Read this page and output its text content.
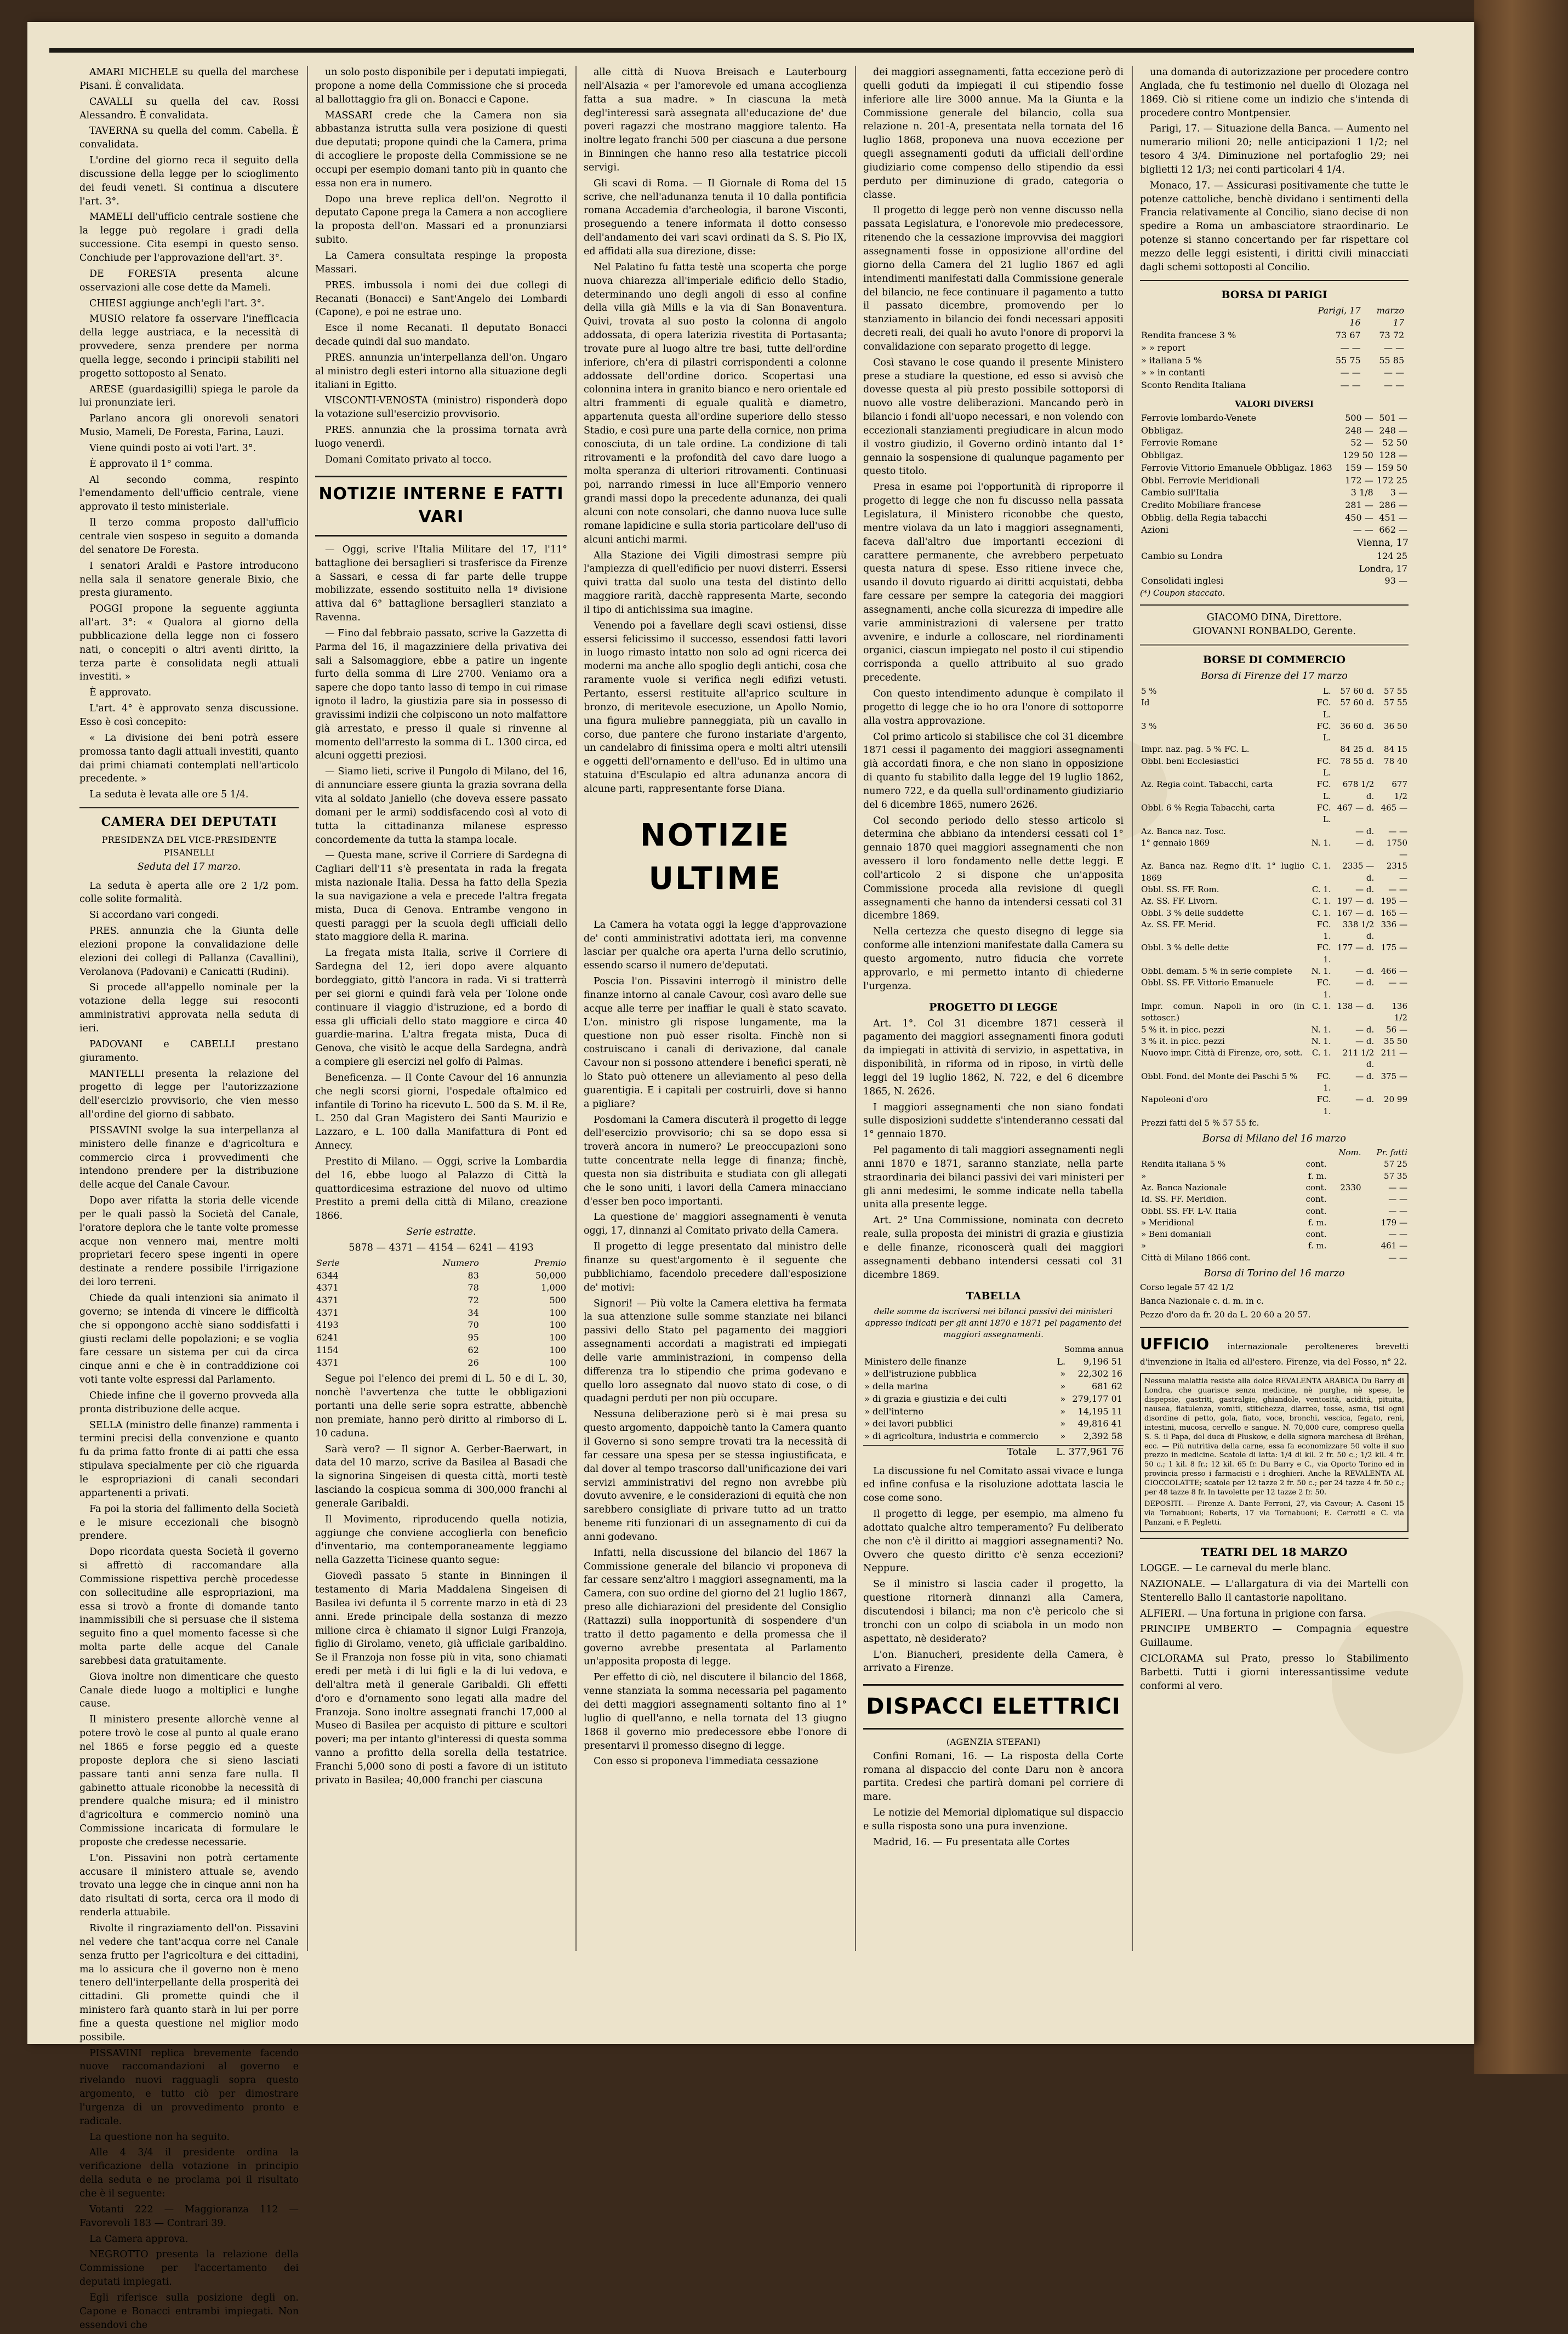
AMARI MICHELE su quella del marchese Pisani. È convalidata.

CAVALLI su quella del cav. Rossi Alessandro. È convalidata.

TAVERNA su quella del comm. Cabella. È convalidata.

L'ordine del giorno reca il seguito della discussione della legge per lo scioglimento dei feudi veneti. Si continua a discutere l'art. 3°.

MAMELI dell'ufficio centrale sostiene che la legge può regolare i gradi della successione. Cita esempi in questo senso. Conchiude per l'approvazione dell'art. 3°.

DE FORESTA presenta alcune osservazioni alle cose dette da Mameli.

CHIESI aggiunge anch'egli l'art. 3°.

MUSIO relatore fa osservare l'inefficacia della legge austriaca, e la necessità di provvedere, senza prendere per norma quella legge, secondo i principii stabiliti nel progetto sottoposto al Senato.

ARESE (guardasigilli) spiega le parole da lui pronunziate ieri.

Parlano ancora gli onorevoli senatori Musio, Mameli, De Foresta, Farina, Lauzi.

Viene quindi posto ai voti l'art. 3°.

È approvato il 1° comma.

Al secondo comma, respinto l'emendamento dell'ufficio centrale, viene approvato il testo ministeriale.

Il terzo comma proposto dall'ufficio centrale vien sospeso in seguito a domanda del senatore De Foresta.

I senatori Araldi e Pastore introducono nella sala il senatore generale Bixio, che presta giuramento.

POGGI propone la seguente aggiunta all'art. 3°: « Qualora al giorno della pubblicazione della legge non ci fossero nati, o concepiti o altri aventi diritto, la terza parte è consolidata negli attuali investiti. »

È approvato.

L'art. 4° è approvato senza discussione. Esso è così concepito:

« La divisione dei beni potrà essere promossa tanto dagli attuali investiti, quanto dai primi chiamati contemplati nell'articolo precedente. »

La seduta è levata alle ore 5 1/4.

CAMERA DEI DEPUTATI
PRESIDENZA DEL VICE-PRESIDENTE PISANELLI
Seduta del 17 marzo.

La seduta è aperta alle ore 2 1/2 pom. colle solite formalità.

Si accordano vari congedi.

PRES. annunzia che la Giunta delle elezioni propone la convalidazione delle elezioni dei collegi di Pallanza (Cavallini), Verolanova (Padovani) e Canicatti (Rudini).

Si procede all'appello nominale per la votazione della legge sui resoconti amministrativi approvata nella seduta di ieri.

PADOVANI e CABELLI prestano giuramento.

MANTELLI presenta la relazione del progetto di legge per l'autorizzazione dell'esercizio provvisorio, che vien messo all'ordine del giorno di sabbato.

PISSAVINI svolge la sua interpellanza al ministero delle finanze e d'agricoltura e commercio circa i provvedimenti che intendono prendere per la distribuzione delle acque del Canale Cavour.

Dopo aver rifatta la storia delle vicende per le quali passò la Società del Canale, l'oratore deplora che le tante volte promesse acque non vennero mai, mentre molti proprietari fecero spese ingenti in opere destinate a rendere possibile l'irrigazione dei loro terreni.

Chiede da quali intenzioni sia animato il governo; se intenda di vincere le difficoltà che si oppongono acchè siano soddisfatti i giusti reclami delle popolazioni; e se voglia fare cessare un sistema per cui da circa cinque anni e che è in contraddizione coi voti tante volte espressi dal Parlamento.

Chiede infine che il governo provveda alla pronta distribuzione delle acque.

SELLA (ministro delle finanze) rammenta i termini precisi della convenzione e quanto fu da prima fatto fronte di ai patti che essa stipulava specialmente per ciò che riguarda le espropriazioni di canali secondari appartenenti a privati.

Fa poi la storia del fallimento della Società e le misure eccezionali che bisognò prendere.

Dopo ricordata questa Società il governo si affrettò di raccomandare alla Commissione rispettiva perchè procedesse con sollecitudine alle espropriazioni, ma essa si trovò a fronte di domande tanto inammissibili che si persuase che il sistema seguito fino a quel momento facesse sì che molta parte delle acque del Canale sarebbesi data gratuitamente.

Giova inoltre non dimenticare che questo Canale diede luogo a moltiplici e lunghe cause.

Il ministero presente allorchè venne al potere trovò le cose al punto al quale erano nel 1865 e forse peggio ed a queste proposte deplora che si sieno lasciati passare tanti anni senza fare nulla. Il gabinetto attuale riconobbe la necessità di prendere qualche misura; ed il ministro d'agricoltura e commercio nominò una Commissione incaricata di formulare le proposte che credesse necessarie.

L'on. Pissavini non potrà certamente accusare il ministero attuale se, avendo trovato una legge che in cinque anni non ha dato risultati di sorta, cerca ora il modo di renderla attuabile.

Rivolte il ringraziamento dell'on. Pissavini nel vedere che tant'acqua corre nel Canale senza frutto per l'agricoltura e dei cittadini, ma lo assicura che il governo non è meno tenero dell'interpellante della prosperità dei cittadini. Gli promette quindi che il ministero farà quanto starà in lui per porre fine a questa questione nel miglior modo possibile.

PISSAVINI replica brevemente facendo nuove raccomandazioni al governo e rivelando nuovi ragguagli sopra questo argomento, e tutto ciò per dimostrare l'urgenza di un provvedimento pronto e radicale.

La questione non ha seguito.

Alle 4 3/4 il presidente ordina la verificazione della votazione in principio della seduta e ne proclama poi il risultato che è il seguente:

Votanti 222 — Maggioranza 112 — Favorevoli 183 — Contrari 39.

La Camera approva.

NEGROTTO presenta la relazione della Commissione per l'accertamento dei deputati impiegati.

Egli riferisce sulla posizione degli on. Capone e Bonacci entrambi impiegati. Non essendovi che

un solo posto disponibile per i deputati impiegati, propone a nome della Commissione che si proceda al ballottaggio fra gli on. Bonacci e Capone.

MASSARI crede che la Camera non sia abbastanza istrutta sulla vera posizione di questi due deputati; propone quindi che la Camera, prima di accogliere le proposte della Commissione se ne occupi per esempio domani tanto più in quanto che essa non era in numero.

Dopo una breve replica dell'on. Negrotto il deputato Capone prega la Camera a non accogliere la proposta dell'on. Massari ed a pronunziarsi subito.

La Camera consultata respinge la proposta Massari.

PRES. imbussola i nomi dei due collegi di Recanati (Bonacci) e Sant'Angelo dei Lombardi (Capone), e poi ne estrae uno.

Esce il nome Recanati. Il deputato Bonacci decade quindi dal suo mandato.

PRES. annunzia un'interpellanza dell'on. Ungaro al ministro degli esteri intorno alla situazione degli italiani in Egitto.

VISCONTI-VENOSTA (ministro) risponderà dopo la votazione sull'esercizio provvisorio.

PRES. annunzia che la prossima tornata avrà luogo venerdì.

Domani Comitato privato al tocco.

NOTIZIE INTERNE E FATTI VARI

— Oggi, scrive l'Italia Militare del 17, l'11° battaglione dei bersaglieri si trasferisce da Firenze a Sassari, e cessa di far parte delle truppe mobilizzate, essendo sostituito nella 1ª divisione attiva dal 6° battaglione bersaglieri stanziato a Ravenna.

— Fino dal febbraio passato, scrive la Gazzetta di Parma del 16, il magazziniere della privativa dei sali a Salsomaggiore, ebbe a patire un ingente furto della somma di Lire 2700. Veniamo ora a sapere che dopo tanto lasso di tempo in cui rimase ignoto il ladro, la giustizia pare sia in possesso di gravissimi indizii che colpiscono un noto malfattore già arrestato, e presso il quale si rinvenne al momento dell'arresto la somma di L. 1300 circa, ed alcuni oggetti preziosi.

— Siamo lieti, scrive il Pungolo di Milano, del 16, di annunciare essere giunta la grazia sovrana della vita al soldato Janiello (che doveva essere passato domani per le armi) soddisfacendo così al voto di tutta la cittadinanza milanese espresso concordemente da tutta la stampa locale.

— Questa mane, scrive il Corriere di Sardegna di Cagliari dell'11 s'è presentata in rada la fregata mista nazionale Italia. Dessa ha fatto della Spezia la sua navigazione a vela e precede l'altra fregata mista, Duca di Genova. Entrambe vengono in questi paraggi per la scuola degli ufficiali dello stato maggiore della R. marina.

La fregata mista Italia, scrive il Corriere di Sardegna del 12, ieri dopo avere alquanto bordeggiato, gittò l'ancora in rada. Vi si tratterrà per sei giorni e quindi farà vela per Tolone onde continuare il viaggio d'istruzione, ed a bordo di essa gli ufficiali dello stato maggiore e circa 40 guardie-marina. L'altra fregata mista, Duca di Genova, che visitò le acque della Sardegna, andrà a compiere gli esercizi nel golfo di Palmas.

Beneficenza. — Il Conte Cavour del 16 annunzia che negli scorsi giorni, l'ospedale oftalmico ed infantile di Torino ha ricevuto L. 500 da S. M. il Re, L. 250 dal Gran Magistero dei Santi Maurizio e Lazzaro, e L. 100 dalla Manifattura di Pont ed Annecy.

Prestito di Milano. — Oggi, scrive la Lombardia del 16, ebbe luogo al Palazzo di Città la quattordicesima estrazione del nuovo od ultimo Prestito a premi della città di Milano, creazione 1866.

Serie estratte.
5878 — 4371 — 4154 — 6241 — 4193
Serie	Numero	Premio
6344	83	50,000
4371	78	1,000
4371	72	500
4371	34	100
4193	70	100
6241	95	100
1154	62	100
4371	26	100

Segue poi l'elenco dei premi di L. 50 e di L. 30, nonchè l'avvertenza che tutte le obbligazioni portanti una delle serie sopra estratte, abbenchè non premiate, hanno però diritto al rimborso di L. 10 caduna.

Sarà vero? — Il signor A. Gerber-Baerwart, in data del 10 marzo, scrive da Basilea al Basadi che la signorina Singeisen di questa città, morti testè lasciando la cospicua somma di 300,000 franchi al generale Garibaldi.

Il Movimento, riproducendo quella notizia, aggiunge che conviene accoglierla con beneficio d'inventario, ma contemporaneamente leggiamo nella Gazzetta Ticinese quanto segue:

Giovedì passato 5 stante in Binningen il testamento di Maria Maddalena Singeisen di Basilea ivi defunta il 5 corrente marzo in età di 23 anni. Erede principale della sostanza di mezzo milione circa è chiamato il signor Luigi Franzoja, figlio di Girolamo, veneto, già ufficiale garibaldino. Se il Franzoja non fosse più in vita, sono chiamati eredi per metà i di lui figli e la di lui vedova, e dell'altra metà il generale Garibaldi. Gli effetti d'oro e d'ornamento sono legati alla madre del Franzoja. Sono inoltre assegnati franchi 17,000 al Museo di Basilea per acquisto di pitture e scultori poveri; ma per intanto gl'interessi di questa somma vanno a profitto della sorella della testatrice. Franchi 5,000 sono di posti a favore di un istituto privato in Basilea; 40,000 franchi per ciascuna

alle città di Nuova Breisach e Lauterbourg nell'Alsazia « per l'amorevole ed umana accoglienza fatta a sua madre. » In ciascuna la metà degl'interessi sarà assegnata all'educazione de' due poveri ragazzi che mostrano maggiore talento. Ha inoltre legato franchi 500 per ciascuna a due persone in Binningen che hanno reso alla testatrice piccoli servigi.

Gli scavi di Roma. — Il Giornale di Roma del 15 scrive, che nell'adunanza tenuta il 10 dalla pontificia romana Accademia d'archeologia, il barone Visconti, proseguendo a tenere informata il dotto consesso dell'andamento dei vari scavi ordinati da S. S. Pio IX, ed affidati alla sua direzione, disse:

Nel Palatino fu fatta testè una scoperta che porge nuova chiarezza all'imperiale edificio dello Stadio, determinando uno degli angoli di esso al confine della villa già Mills e la via di San Bonaventura. Quivi, trovata al suo posto la colonna di angolo addossata, di opera laterizia rivestita di Portasanta; trovate pure al luogo altre tre basi, tutte dell'ordine inferiore, ch'era di pilastri corrispondenti a colonne addossate dell'ordine dorico. Scopertasi una colonnina intera in granito bianco e nero orientale ed altri frammenti di eguale qualità e diametro, appartenuta questa all'ordine superiore dello stesso Stadio, e così pure una parte della cornice, non prima conosciuta, di un tale ordine. La condizione di tali ritrovamenti e la profondità del cavo dare luogo a molta speranza di ulteriori ritrovamenti. Continuasi poi, narrando rimessi in luce all'Emporio vennero grandi massi dopo la precedente adunanza, dei quali alcuni con note consolari, che danno nuova luce sulle romane lapidicine e sulla storia particolare dell'uso di alcuni antichi marmi.

Alla Stazione dei Vigili dimostrasi sempre più l'ampiezza di quell'edificio per nuovi disterri. Essersi quivi tratta dal suolo una testa del distinto dello maggiore rarità, dacchè rappresenta Marte, secondo il tipo di antichissima sua imagine.

Venendo poi a favellare degli scavi ostiensi, disse essersi felicissimo il successo, essendosi fatti lavori in luogo rimasto intatto non solo ad ogni ricerca dei moderni ma anche allo spoglio degli antichi, cosa che raramente vuole si verifica negli edifizi vetusti. Pertanto, essersi restituite all'aprico sculture in bronzo, di meritevole esecuzione, un Apollo Nomio, una figura muliebre panneggiata, più un cavallo in corso, due pantere che furono instariate d'argento, un candelabro di finissima opera e molti altri utensili e oggetti dell'ornamento e dell'uso. Ed in ultimo una statuina d'Esculapio ed altra adunanza ancora di alcune parti, rappresentante forse Diana.

NOTIZIE ULTIME

La Camera ha votata oggi la legge d'approvazione de' conti amministrativi adottata ieri, ma convenne lasciar per qualche ora aperta l'urna dello scrutinio, essendo scarso il numero de'deputati.

Poscia l'on. Pissavini interrogò il ministro delle finanze intorno al canale Cavour, così avaro delle sue acque alle terre per inaffiar le quali è stato scavato. L'on. ministro gli rispose lungamente, ma la questione non può esser risolta. Finchè non si costruiscano i canali di derivazione, dal canale Cavour non si possono attendere i benefici sperati, nè lo Stato può ottenere un alleviamento al peso della guarentigia. E i capitali per costruirli, dove si hanno a pigliare?

Posdomani la Camera discuterà il progetto di legge dell'esercizio provvisorio; chi sa se dopo essa si troverà ancora in numero? Le preoccupazioni sono tutte concentrate nella legge di finanza; finchè, questa non sia distribuita e studiata con gli allegati che le sono uniti, i lavori della Camera minacciano d'esser ben poco importanti.

La questione de' maggiori assegnamenti è venuta oggi, 17, dinnanzi al Comitato privato della Camera.

Il progetto di legge presentato dal ministro delle finanze su quest'argomento è il seguente che pubblichiamo, facendolo precedere dall'esposizione de' motivi:

Signori! — Più volte la Camera elettiva ha fermata la sua attenzione sulle somme stanziate nei bilanci passivi dello Stato pel pagamento dei maggiori assegnamenti accordati a magistrati ed impiegati delle varie amministrazioni, in compenso della differenza tra lo stipendio che prima godevano e quello loro assegnato dal nuovo stato di cose, o di quadagni perduti per non più occupare.

Nessuna deliberazione però si è mai presa su questo argomento, dappoichè tanto la Camera quanto il Governo si sono sempre trovati tra la necessità di far cessare una spesa per se stessa ingiustificata, e dal dover al tempo trascorso dall'unificazione dei vari servizi amministrativi del regno non avrebbe più dovuto avvenire, e le considerazioni di equità che non sarebbero consigliate di privare tutto ad un tratto beneme riti funzionari di un assegnamento di cui da anni godevano.

Infatti, nella discussione del bilancio del 1867 la Commissione generale del bilancio vi proponeva di far cessare senz'altro i maggiori assegnamenti, ma la Camera, con suo ordine del giorno del 21 luglio 1867, preso alle dichiarazioni del presidente del Consiglio (Rattazzi) sulla inopportunità di sospendere d'un tratto il detto pagamento e della promessa che il governo avrebbe presentata al Parlamento un'apposita proposta di legge.

Per effetto di ciò, nel discutere il bilancio del 1868, venne stanziata la somma necessaria pel pagamento dei detti maggiori assegnamenti soltanto fino al 1° luglio di quell'anno, e nella tornata del 13 giugno 1868 il governo mio predecessore ebbe l'onore di presentarvi il promesso disegno di legge.

Con esso si proponeva l'immediata cessazione

dei maggiori assegnamenti, fatta eccezione però di quelli goduti da impiegati il cui stipendio fosse inferiore alle lire 3000 annue. Ma la Giunta e la Commissione generale del bilancio, colla sua relazione n. 201-A, presentata nella tornata del 16 luglio 1868, proponeva una nuova eccezione per quegli assegnamenti goduti da ufficiali dell'ordine giudiziario come compenso dello stipendio da essi perduto per diminuzione di grado, categoria o classe.

Il progetto di legge però non venne discusso nella passata Legislatura, e l'onorevole mio predecessore, ritenendo che la cessazione improvvisa dei maggiori assegnamenti fosse in opposizione all'ordine del giorno della Camera del 21 luglio 1867 ed agli intendimenti manifestati dalla Commissione generale del bilancio, ne fece continuare il pagamento a tutto il passato dicembre, promovendo per lo stanziamento in bilancio dei fondi necessari appositi decreti reali, dei quali ho avuto l'onore di proporvi la convalidazione con separato progetto di legge.

Così stavano le cose quando il presente Ministero prese a studiare la questione, ed esso si avvisò che dovesse questa al più presto possibile sottoporsi di nuovo alle vostre deliberazioni. Mancando però in bilancio i fondi all'uopo necessari, e non volendo con eccezionali stanziamenti pregiudicare in alcun modo il vostro giudizio, il Governo ordinò intanto dal 1° gennaio la sospensione di qualunque pagamento per questo titolo.

Presa in esame poi l'opportunità di riproporre il progetto di legge che non fu discusso nella passata Legislatura, il Ministero riconobbe che questo, mentre violava da un lato i maggiori assegnamenti, faceva dall'altro due importanti eccezioni di carattere permanente, che avrebbero perpetuato questa natura di spese. Esso ritiene invece che, usando il dovuto riguardo ai diritti acquistati, debba fare cessare per sempre la categoria dei maggiori assegnamenti, anche colla sicurezza di impedire alle varie amministrazioni di valersene per tratto avvenire, e indurle a colloscare, nel riordinamenti organici, ciascun impiegato nel posto il cui stipendio corrisponda a quello attribuito al suo grado precedente.

Con questo intendimento adunque è compilato il progetto di legge che io ho ora l'onore di sottoporre alla vostra approvazione.

Col primo articolo si stabilisce che col 31 dicembre 1871 cessi il pagamento dei maggiori assegnamenti già accordati finora, e che non siano in opposizione di quanto fu stabilito dalla legge del 19 luglio 1862, numero 722, e da quella sull'ordinamento giudiziario del 6 dicembre 1865, numero 2626.

Col secondo periodo dello stesso articolo si determina che abbiano da intendersi cessati col 1° gennaio 1870 quei maggiori assegnamenti che non avessero il loro fondamento nelle dette leggi. E coll'articolo 2 si dispone che un'apposita Commissione proceda alla revisione di quegli assegnamenti che hanno da intendersi cessati col 31 dicembre 1869.

Nella certezza che questo disegno di legge sia conforme alle intenzioni manifestate dalla Camera su questo argomento, nutro fiducia che vorrete approvarlo, e mi permetto intanto di chiederne l'urgenza.

PROGETTO DI LEGGE

Art. 1°. Col 31 dicembre 1871 cesserà il pagamento dei maggiori assegnamenti finora goduti da impiegati in attività di servizio, in aspettativa, in disponibilità, in riforma od in riposo, in virtù delle leggi del 19 luglio 1862, N. 722, e del 6 dicembre 1865, N. 2626.

I maggiori assegnamenti che non siano fondati sulle disposizioni suddette s'intenderanno cessati dal 1° gennaio 1870.

Pel pagamento di tali maggiori assegnamenti negli anni 1870 e 1871, saranno stanziate, nella parte straordinaria dei bilanci passivi dei vari ministeri per gli anni medesimi, le somme indicate nella tabella unita alla presente legge.

Art. 2° Una Commissione, nominata con decreto reale, sulla proposta dei ministri di grazia e giustizia e delle finanze, riconoscerà quali dei maggiori assegnamenti debbano intendersi cessati col 31 dicembre 1869.

TABELLA
delle somme da iscriversi nei bilanci passivi dei ministeri appresso indicati per gli anni 1870 e 1871 pel pagamento dei maggiori assegnamenti.
Somma annua
Ministero delle finanze	L.	9,196 51
» dell'istruzione pubblica	»	22,302 16
» della marina	»	681 62
» di grazia e giustizia e dei culti	»	279,177 01
» dell'interno	»	14,195 11
» dei lavori pubblici	»	49,816 41
» di agricoltura, industria e commercio	»	2,392 58
Totale L. 377,961 76

La discussione fu nel Comitato assai vivace e lunga ed infine confusa e la risoluzione adottata lascia le cose come sono.

Il progetto di legge, per esempio, ma almeno fu adottato qualche altro temperamento? Fu deliberato che non c'è il diritto ai maggiori assegnamenti? No. Ovvero che questo diritto c'è senza eccezioni? Neppure.

Se il ministro si lascia cader il progetto, la questione ritornerà dinnanzi alla Camera, discutendosi i bilanci; ma non c'è pericolo che si tronchi con un colpo di sciabola in un modo non aspettato, nè desiderato?

L'on. Bianucheri, presidente della Camera, è arrivato a Firenze.

DISPACCI ELETTRICI
(AGENZIA STEFANI)

Confini Romani, 16. — La risposta della Corte romana al dispaccio del conte Daru non è ancora partita. Credesi che partirà domani pel corriere di mare.

Le notizie del Memorial diplomatique sul dispaccio e sulla risposta sono una pura invenzione.

Madrid, 16. — Fu presentata alle Cortes

una domanda di autorizzazione per procedere contro Anglada, che fu testimonio nel duello di Olozaga nel 1869. Ciò si ritiene come un indizio che s'intenda di procedere contro Montpensier.

Parigi, 17. — Situazione della Banca. — Aumento nel numerario milioni 20; nelle anticipazioni 1 1/2; nel tesoro 4 3/4. Diminuzione nel portafoglio 29; nei biglietti 12 1/3; nei conti particolari 4 1/4.

Monaco, 17. — Assicurasi positivamente che tutte le potenze cattoliche, benchè dividano i sentimenti della Francia relativamente al Concilio, siano decise di non spedire a Roma un ambasciatore straordinario. Le potenze si stanno concertando per far rispettare col mezzo delle leggi esistenti, i diritti civili minacciati dagli schemi sottoposti al Concilio.

BORSA DI PARIGI
	Parigi, 17	marzo	
	16	17	
Rendita francese 3 %	73 67	73 72	
» » report	— —	— —	
» italiana 5 %	55 75	55 85	
» » in contanti	— —	— —	
Sconto Rendita Italiana	— —	— —	
VALORI DIVERSI
Ferrovie lombardo-Venete	500 —	501 —
Obbligaz.	248 —	248 —
Ferrovie Romane	52 —	52 50
Obbligaz.	129 50	128 —
Ferrovie Vittorio Emanuele Obbligaz. 1863	159 —	159 50
Obbl. Ferrovie Meridionali	172 —	172 25
Cambio sull'Italia	3 1/8	3 —
Credito Mobiliare francese	281 —	286 —
Obblig. della Regia tabacchi	450 —	451 —
Azioni	— —	662 —
Vienna, 17
Cambio su Londra	124 25
	Londra, 17
Consolidati inglesi	93 —
(*) Coupon staccato.
GIACOMO DINA, Direttore.
GIOVANNI RONBALDO, Gerente.
BORSE DI COMMERCIO
Borsa di Firenze del 17 marzo
5 %	L.	57 60 d.	57 55
Id	FC. L.	57 60 d.	57 55
3 %	FC. L.	36 60 d.	36 50
Impr. naz. pag. 5 % FC. L.		84 25 d.	84 15
Obbl. beni Ecclesiastici	FC. L.	78 55 d.	78 40
Az. Regia coint. Tabacchi, carta	FC. L.	678 1/2 d.	677 1/2
Obbl. 6 % Regia Tabacchi, carta	FC. L.	467 — d.	465 —
Az. Banca naz. Tosc.		— d.	— —
1° gennaio 1869	N. 1.	— d.	1750 —
Az. Banca naz. Regno d'It. 1° luglio 1869	C. 1.	2335 — d.	2315 —
Obbl. SS. FF. Rom.	C. 1.	— d.	— —
Az. SS. FF. Livorn.	C. 1.	197 — d.	195 —
Obbl. 3 % delle suddette	C. 1.	167 — d.	165 —
Az. SS. FF. Merid.	FC. 1.	338 1/2 d.	336 —
Obbl. 3 % delle dette	FC. 1.	177 — d.	175 —
Obbl. demam. 5 % in serie complete	N. 1.	— d.	466 —
Obbl. SS. FF. Vittorio Emanuele	FC. 1.	— d.	— —
Impr. comun. Napoli in oro (in sottoscr.)	C. 1.	138 — d.	136 1/2
5 % it. in picc. pezzi	N. 1.	— d.	56 —
3 % it. in picc. pezzi	N. 1.	— d.	35 50
Nuovo impr. Città di Firenze, oro, sott.	C. 1.	211 1/2 d.	211 —
Obbl. Fond. del Monte dei Paschi 5 %	FC. 1.	— d.	375 —
Napoleoni d'oro	FC. 1.	— d.	20 99
Prezzi fatti del 5 % 57 55 fc.			
Borsa di Milano del 16 marzo
		Nom.	Pr. fatti
Rendita italiana 5 %	cont.		57 25
»	f. m.		57 35
Az. Banca Nazionale	cont.	2330	— —
Id. SS. FF. Meridion.	cont.		— —
Obbl. SS. FF. L-V. Italia	cont.		— —
» Meridional	f. m.		179 —
» Beni domaniali	cont.		— —
»	f. m.		461 —
Città di Milano 1866 cont.			— —
Borsa di Torino del 16 marzo

Corso legale 57 42 1/2

Banca Nazionale c. d. m. in c.

Pezzo d'oro da fr. 20 da L. 20 60 a 20 57.

UFFICIO internazionale perolteneres brevetti d'invenzione in Italia ed all'estero. Firenze, via del Fosso, n° 22.
Nessuna malattia resiste alla dolce REVALENTA ARABICA Du Barry di Londra, che guarisce senza medicine, nè purghe, nè spese, le dispepsie, gastriti, gastralgie, ghiandole, ventosità, acidità, pituita, nausea, flatulenza, vomiti, stitichezza, diarree, tosse, asma, tisi ogni disordine di petto, gola, fiato, voce, bronchi, vescica, fegato, reni, intestini, mucosa, cervello e sangue. N. 70,000 cure, compreso quella S. S. il Papa, del duca di Pluskow, e della signora marchesa di Bréhan, ecc. — Più nutritiva della carne, essa fa economizzare 50 volte il suo prezzo in medicine. Scatole di latta: 1/4 di kil. 2 fr. 50 c.; 1/2 kil. 4 fr. 50 c.; 1 kil. 8 fr.; 12 kil. 65 fr. Du Barry e C., via Oporto Torino ed in provincia presso i farmacisti e i droghieri. Anche la REVALENTA AL CIOCCOLATTE; scatole per 12 tazze 2 fr. 50 c.; per 24 tazze 4 fr. 50 c.; per 48 tazze 8 fr. In tavolette per 12 tazze 2 fr. 50.
DEPOSITI. — Firenze A. Dante Ferroni, 27, via Cavour; A. Casoni 15 via Tornabuoni; Roberts, 17 via Tornabuoni; E. Cerrotti e C. via Panzani, e F. Pegletti.
TEATRI DEL 18 MARZO

LOGGE. — Le carneval du merle blanc.

NAZIONALE. — L'allargatura di via dei Martelli con Stenterello Ballo Il cantastorie napolitano.

ALFIERI. — Una fortuna in prigione con farsa.

PRINCIPE UMBERTO — Compagnia equestre Guillaume.

CICLORAMA sul Prato, presso lo Stabilimento Barbetti. Tutti i giorni interessantissime vedute conformi al vero.
